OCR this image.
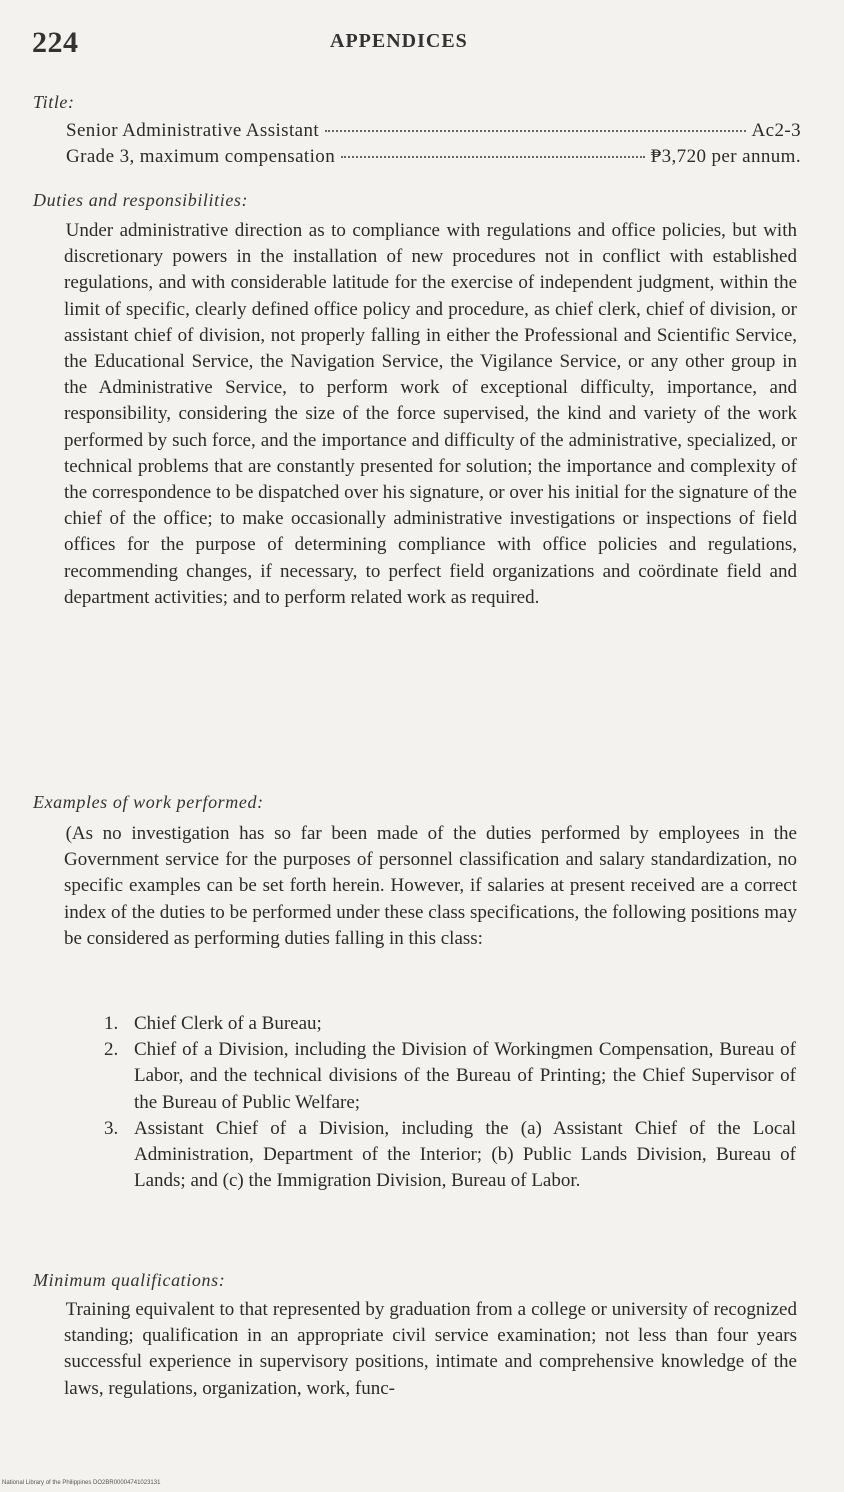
224	APPENDICES
Title:
Senior Administrative Assistant	Ac2-3
Grade 3, maximum compensation	₱3,720 per annum.
Duties and responsibilities:

Under administrative direction as to compliance with regulations and office policies, but with discretionary powers in the installation of new procedures not in conflict with established regulations, and with considerable latitude for the exercise of independent judgment, within the limit of specific, clearly defined office policy and procedure, as chief clerk, chief of division, or assistant chief of division, not properly falling in either the Professional and Scientific Service, the Educational Service, the Navigation Service, the Vigilance Service, or any other group in the Administrative Service, to perform work of exceptional difficulty, importance, and responsibility, considering the size of the force supervised, the kind and variety of the work performed by such force, and the importance and difficulty of the administrative, specialized, or technical problems that are constantly presented for solution; the importance and complexity of the correspondence to be dispatched over his signature, or over his initial for the signature of the chief of the office; to make occasionally administrative investigations or inspections of field offices for the purpose of determining compliance with office policies and regulations, recommending changes, if necessary, to perfect field organizations and coördinate field and department activities; and to perform related work as required.

Examples of work performed:

(As no investigation has so far been made of the duties performed by employees in the Government service for the purposes of personnel classification and salary standardization, no specific examples can be set forth herein. However, if salaries at present received are a correct index of the duties to be performed under these class specifications, the following positions may be considered as performing duties falling in this class:

1. Chief Clerk of a Bureau;
2. Chief of a Division, including the Division of Workingmen Compensation, Bureau of Labor, and the technical divisions of the Bureau of Printing; the Chief Supervisor of the Bureau of Public Welfare;
3. Assistant Chief of a Division, including the (a) Assistant Chief of the Local Administration, Department of the Interior; (b) Public Lands Division, Bureau of Lands; and (c) the Immigration Division, Bureau of Labor.
Minimum qualifications:

Training equivalent to that represented by graduation from a college or university of recognized standing; qualification in an appropriate civil service examination; not less than four years successful experience in supervisory positions, intimate and comprehensive knowledge of the laws, regulations, organization, work, func-

National Library of the Philippines DO2BR00004741023131
